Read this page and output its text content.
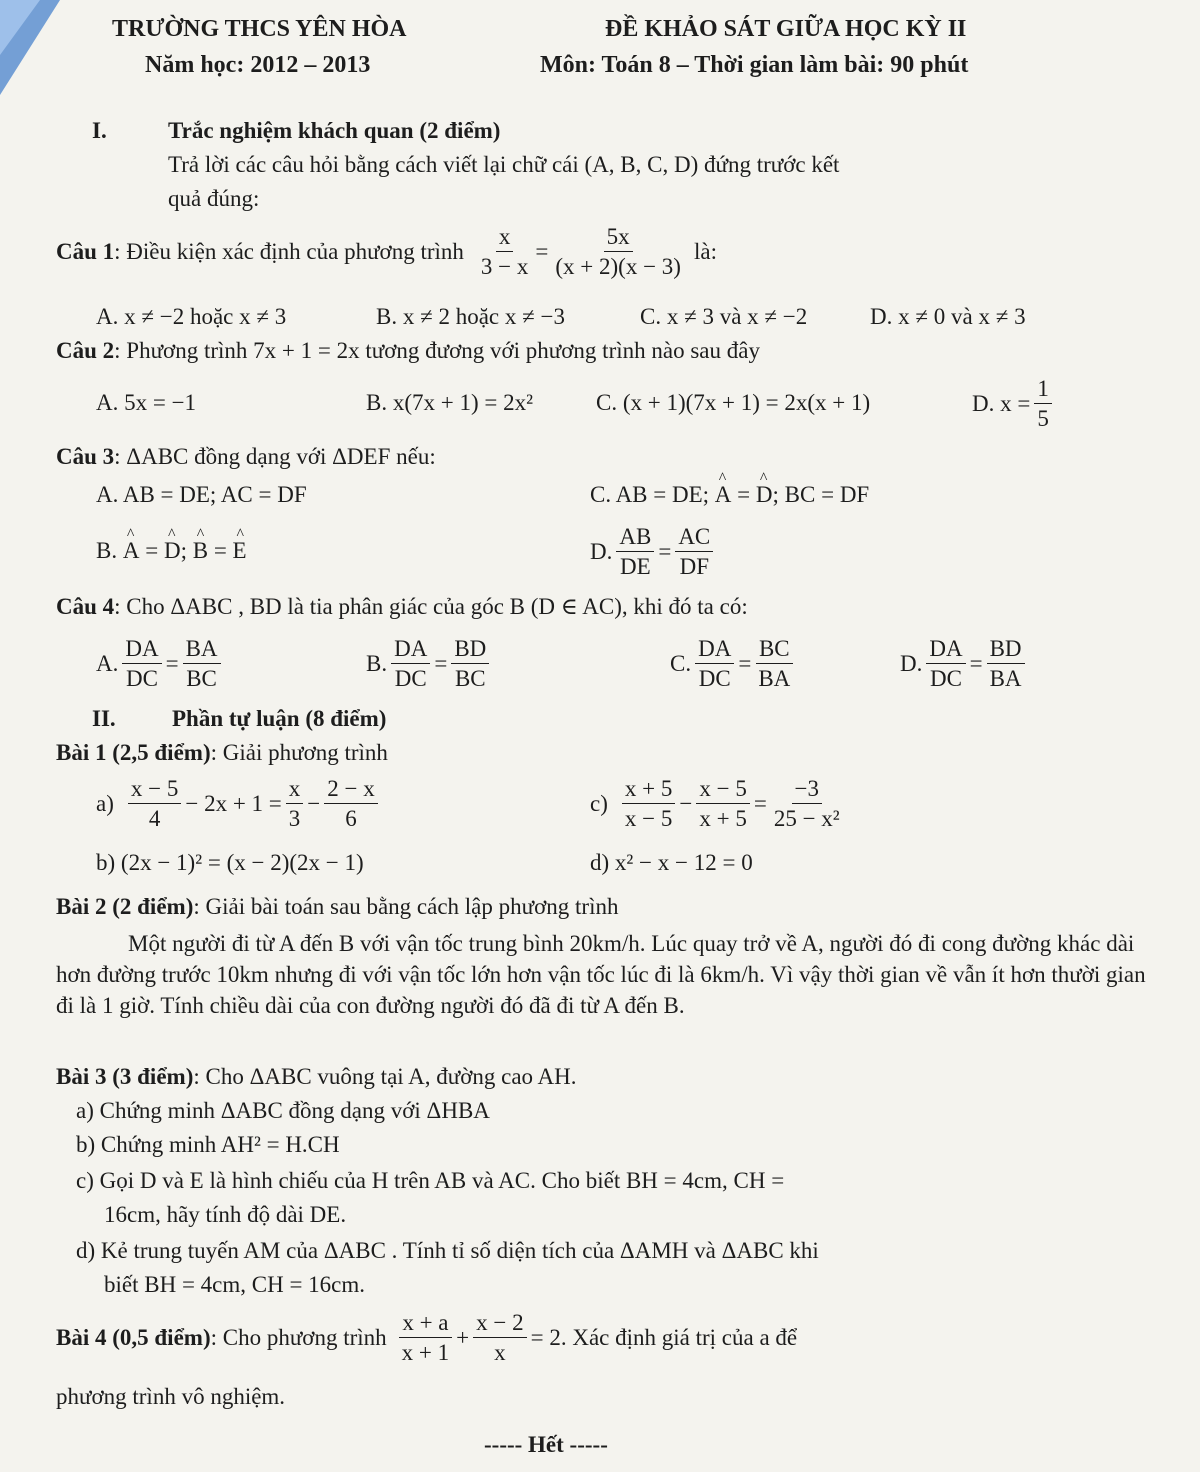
TRƯỜNG THCS YÊN HÒA
Năm học: 2012 – 2013
ĐỀ KHẢO SÁT GIỮA HỌC KỲ II
Môn: Toán 8 – Thời gian làm bài: 90 phút
I.	Trắc nghiệm khách quan (2 điểm)
Trả lời các câu hỏi bằng cách viết lại chữ cái (A, B, C, D) đứng trước kết
quả đúng:
Câu 1 : Điều kiện xác định của phương trình $\frac{x}{3 - x} = \frac{5x}{(x + 2)(x - 3)}$ là:
A. x ≠ −2 hoặc x ≠ 3	B. x ≠ 2 hoặc x ≠ −3	C. x ≠ 3 và x ≠ −2	D. x ≠ 0 và x ≠ 3
Câu 2: Phương trình 7x + 1 = 2x tương đương với phương trình nào sau đây
A. 5x = −1	B. x(7x + 1) = 2x²	C. (x + 1)(7x + 1) = 2x(x + 1)	D. $x = \frac{1}{5}$
Câu 3: ΔABC đồng dạng với ΔDEF nếu:
A. AB = DE; AC = DF	C. AB = DE; ^ A = ^ D; BC = DF
B. ^ A = ^ D; ^ B = ^ E	D. $\frac{AB}{DE} = \frac{AC}{DF}$
Câu 4: Cho ΔABC , BD là tia phân giác của góc B (D ∈ AC), khi đó ta có:
A. $\frac{DA}{DC} = \frac{BA}{BC}$	B. $\frac{DA}{DC} = \frac{BD}{BC}$	C. $\frac{DA}{DC} = \frac{BC}{BA}$	D. $\frac{DA}{DC} = \frac{BD}{BA}$
II. Phần tự luận (8 điểm)
Bài 1 (2,5 điểm): Giải phương trình
$a) \frac{x - 5}{4} - 2x + 1 = \frac{x}{3} - \frac{2 - x}{6}$	$c) \frac{x + 5}{x - 5} - \frac{x - 5}{x + 5} = \frac{-3}{\text{25 − x²}}$
b) (2x − 1)² = (x − 2)(2x − 1)	d) x² − x − 12 = 0
Bài 2 (2 điểm): Giải bài toán sau bằng cách lập phương trình
Một người đi từ A đến B với vận tốc trung bình 20km/h. Lúc quay trở về A, người đó đi cong đường khác dài hơn đường trước 10km nhưng đi với vận tốc lớn hơn vận tốc lúc đi là 6km/h. Vì vậy thời gian về vẫn ít hơn thười gian đi là 1 giờ. Tính chiều dài của con đường người đó đã đi từ A đến B.
Bài 3 (3 điểm): Cho ΔABC vuông tại A, đường cao AH.
a) Chứng minh ΔABC đồng dạng với ΔHBA
b) Chứng minh AH² = H.CH
c) Gọi D và E là hình chiếu của H trên AB và AC. Cho biết BH = 4cm, CH =
16cm, hãy tính độ dài DE.
d) Kẻ trung tuyến AM của ΔABC . Tính tỉ số diện tích của ΔAMH và ΔABC khi
biết BH = 4cm, CH = 16cm.
Bài 4 (0,5 điểm) : Cho phương trình $\frac{x + a}{x + 1} + \frac{x - 2}{x} = 2$. Xác định giá trị của a để
phương trình vô nghiệm.
----- Hết -----
